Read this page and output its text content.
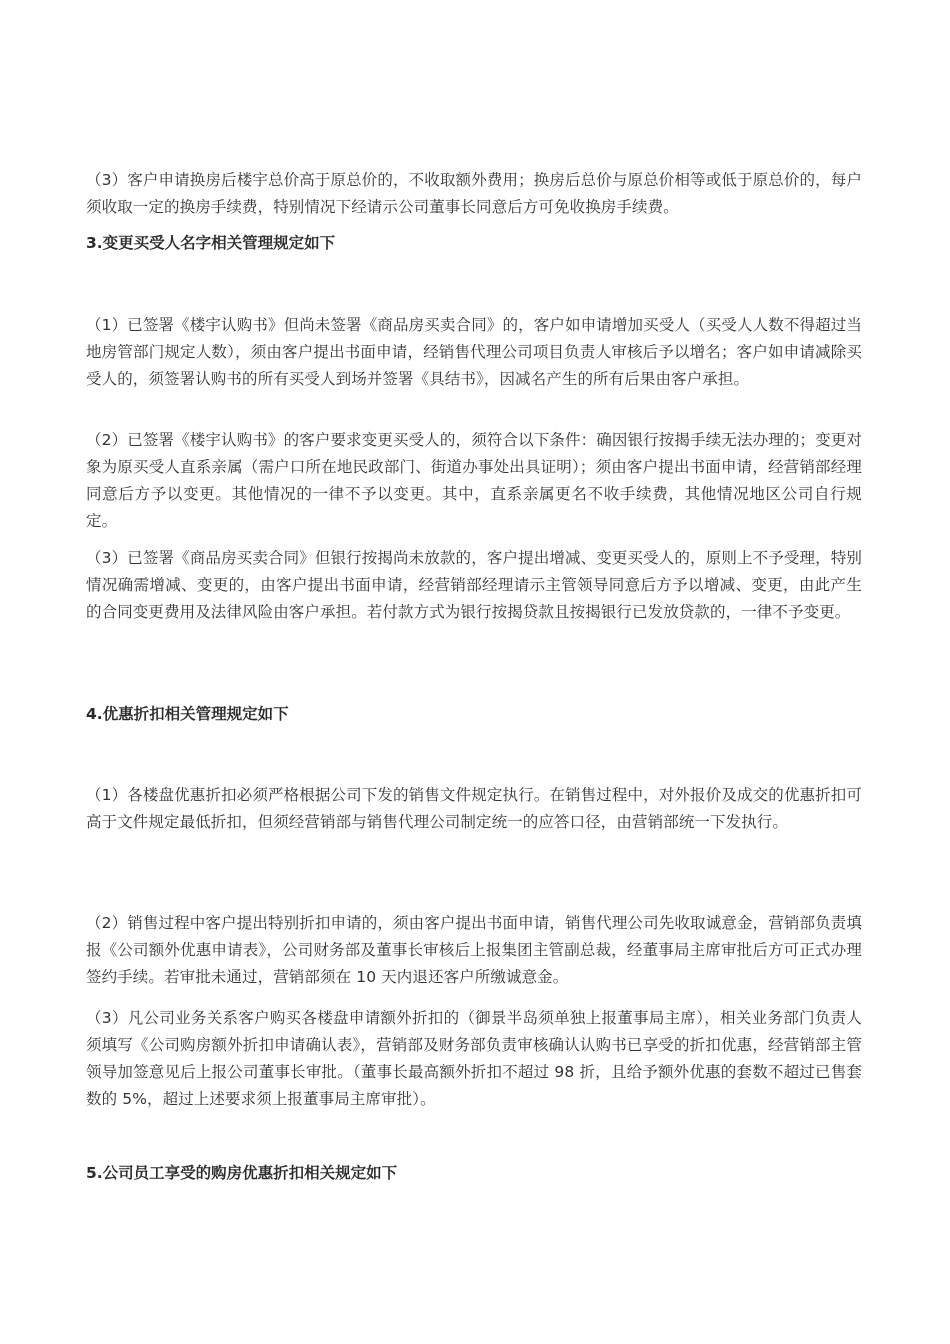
（3）客户申请换房后楼宇总价高于原总价的，不收取额外费用；换房后总价与原总价相等或低于原总价的，每户须收取一定的换房手续费，特别情况下经请示公司董事长同意后方可免收换房手续费。

3.变更买受人名字相关管理规定如下

（1）已签署《楼宇认购书》但尚未签署《商品房买卖合同》的，客户如申请增加买受人（买受人人数不得超过当地房管部门规定人数），须由客户提出书面申请，经销售代理公司项目负责人审核后予以增名；客户如申请减除买受人的，须签署认购书的所有买受人到场并签署《具结书》，因减名产生的所有后果由客户承担。

（2）已签署《楼宇认购书》的客户要求变更买受人的，须符合以下条件：确因银行按揭手续无法办理的；变更对象为原买受人直系亲属（需户口所在地民政部门、街道办事处出具证明）；须由客户提出书面申请，经营销部经理同意后方予以变更。其他情况的一律不予以变更。其中，直系亲属更名不收手续费，其他情况地区公司自行规定。

（3）已签署《商品房买卖合同》但银行按揭尚未放款的，客户提出增减、变更买受人的，原则上不予受理，特别情况确需增减、变更的，由客户提出书面申请，经营销部经理请示主管领导同意后方予以增减、变更，由此产生的合同变更费用及法律风险由客户承担。若付款方式为银行按揭贷款且按揭银行已发放贷款的，一律不予变更。

4.优惠折扣相关管理规定如下

（1）各楼盘优惠折扣必须严格根据公司下发的销售文件规定执行。在销售过程中，对外报价及成交的优惠折扣可高于文件规定最低折扣，但须经营销部与销售代理公司制定统一的应答口径，由营销部统一下发执行。

（2）销售过程中客户提出特别折扣申请的，须由客户提出书面申请，销售代理公司先收取诚意金，营销部负责填报《公司额外优惠申请表》，公司财务部及董事长审核后上报集团主管副总裁，经董事局主席审批后方可正式办理签约手续。若审批未通过，营销部须在 10 天内退还客户所缴诚意金。

（3）凡公司业务关系客户购买各楼盘申请额外折扣的（御景半岛须单独上报董事局主席），相关业务部门负责人须填写《公司购房额外折扣申请确认表》，营销部及财务部负责审核确认认购书已享受的折扣优惠，经营销部主管领导加签意见后上报公司董事长审批。（董事长最高额外折扣不超过 98 折，且给予额外优惠的套数不超过已售套数的 5%，超过上述要求须上报董事局主席审批）。

5.公司员工享受的购房优惠折扣相关规定如下
